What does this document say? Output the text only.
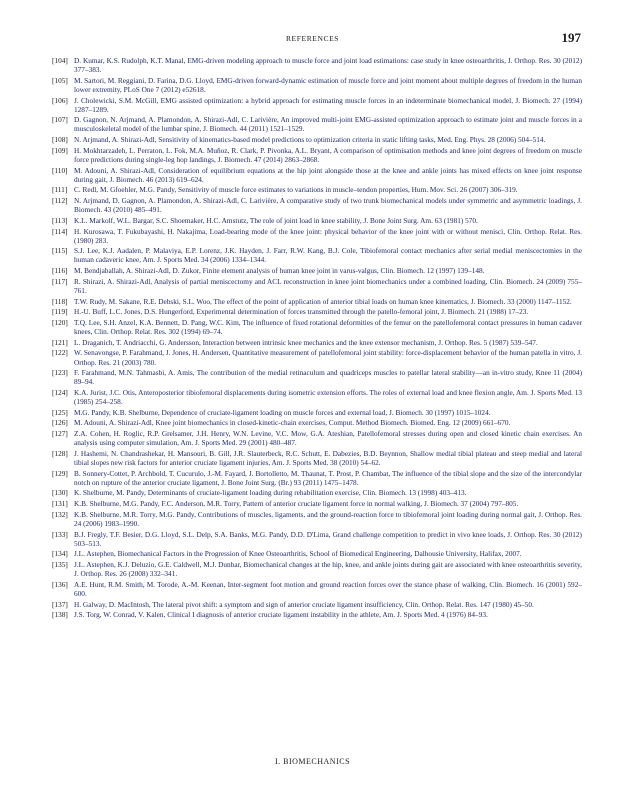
REFERENCES	197
[104] D. Kumar, K.S. Rudolph, K.T. Manal, EMG-driven modeling approach to muscle force and joint load estimations: case study in knee osteoarthritis, J. Orthop. Res. 30 (2012) 377–383.
[105] M. Sartori, M. Reggiani, D. Farina, D.G. Lloyd, EMG-driven forward-dynamic estimation of muscle force and joint moment about multiple degrees of freedom in the human lower extremity, PLoS One 7 (2012) e52618.
[106] J. Cholewicki, S.M. McGill, EMG assisted optimization: a hybrid approach for estimating muscle forces in an indeterminate biomechanical model, J. Biomech. 27 (1994) 1287–1289.
[107] D. Gagnon, N. Arjmand, A. Plamondon, A. Shirazi-Adl, C. Larivière, An improved multi-joint EMG-assisted optimization approach to estimate joint and muscle forces in a musculoskeletal model of the lumbar spine, J. Biomech. 44 (2011) 1521–1529.
[108] N. Arjmand, A. Shirazi-Adl, Sensitivity of kinematics-based model predictions to optimization criteria in static lifting tasks, Med. Eng. Phys. 28 (2006) 504–514.
[109] H. Mokhtarzadeh, L. Perraton, L. Fok, M.A. Muñoz, R. Clark, P. Pivonka, A.L. Bryant, A comparison of optimisation methods and knee joint degrees of freedom on muscle force predictions during single-leg hop landings, J. Biomech. 47 (2014) 2863–2868.
[110] M. Adouni, A. Shirazi-Adl, Consideration of equilibrium equations at the hip joint alongside those at the knee and ankle joints has mixed effects on knee joint response during gait, J. Biomech. 46 (2013) 619–624.
[111] C. Redl, M. Gfoehler, M.G. Pandy, Sensitivity of muscle force estimates to variations in muscle–tendon properties, Hum. Mov. Sci. 26 (2007) 306–319.
[112] N. Arjmand, D. Gagnon, A. Plamondon, A. Shirazi-Adl, C. Larivière, A comparative study of two trunk biomechanical models under symmetric and asymmetric loadings, J. Biomech. 43 (2010) 485–491.
[113] K.L. Markolf, W.L. Bargar, S.C. Shoemaker, H.C. Amstutz, The role of joint load in knee stability, J. Bone Joint Surg. Am. 63 (1981) 570.
[114] H. Kurosawa, T. Fukubayashi, H. Nakajima, Load-bearing mode of the knee joint: physical behavior of the knee joint with or without menisci, Clin. Orthop. Relat. Res. (1980) 283.
[115] S.J. Lee, K.J. Aadalen, P. Malaviya, E.P. Lorenz, J.K. Hayden, J. Farr, R.W. Kang, B.J. Cole, Tibiofemoral contact mechanics after serial medial meniscectomies in the human cadaveric knee, Am. J. Sports Med. 34 (2006) 1334–1344.
[116] M. Bendjaballah, A. Shirazi-Adl, D. Zukor, Finite element analysis of human knee joint in varus-valgus, Clin. Biomech. 12 (1997) 139–148.
[117] R. Shirazi, A. Shirazi-Adl, Analysis of partial meniscectomy and ACL reconstruction in knee joint biomechanics under a combined loading, Clin. Biomech. 24 (2009) 755–761.
[118] T.W. Rudy, M. Sakane, R.E. Debski, S.L. Woo, The effect of the point of application of anterior tibial loads on human knee kinematics, J. Biomech. 33 (2000) 1147–1152.
[119] H.-U. Buff, L.C. Jones, D.S. Hungerford, Experimental determination of forces transmitted through the patello-femoral joint, J. Biomech. 21 (1988) 17–23.
[120] T.Q. Lee, S.H. Anzel, K.A. Bennett, D. Pang, W.C. Kim, The influence of fixed rotational deformities of the femur on the patellofemoral contact pressures in human cadaver knees, Clin. Orthop. Relat. Res. 302 (1994) 69–74.
[121] L. Draganich, T. Andriacchi, G. Andersson, Interaction between intrinsic knee mechanics and the knee extensor mechanism, J. Orthop. Res. 5 (1987) 539–547.
[122] W. Senavongse, P. Farahmand, J. Jones, H. Andersen, Quantitative measurement of patellofemoral joint stability: force-displacement behavior of the human patella in vitro, J. Orthop. Res. 21 (2003) 780.
[123] F. Farahmand, M.N. Tahmasbi, A. Amis, The contribution of the medial retinaculum and quadriceps muscles to patellar lateral stability—an in-vitro study, Knee 11 (2004) 89–94.
[124] K.A. Jurist, J.C. Otis, Anteroposterior tibiofemoral displacements during isometric extension efforts. The roles of external load and knee flexion angle, Am. J. Sports Med. 13 (1985) 254–258.
[125] M.G. Pandy, K.B. Shelburne, Dependence of cruciate-ligament loading on muscle forces and external load, J. Biomech. 30 (1997) 1015–1024.
[126] M. Adouni, A. Shirazi-Adl, Knee joint biomechanics in closed-kinetic-chain exercises, Comput. Method Biomech. Biomed. Eng. 12 (2009) 661–670.
[127] Z.A. Cohen, H. Roglic, R.P. Grelsamer, J.H. Henry, W.N. Levine, V.C. Mow, G.A. Ateshian, Patellofemoral stresses during open and closed kinetic chain exercises. An analysis using computer simulation, Am. J. Sports Med. 29 (2001) 480–487.
[128] J. Hashemi, N. Chandrashekar, H. Mansouri, B. Gill, J.R. Slauterbeck, R.C. Schutt, E. Dabezies, B.D. Beynnon, Shallow medial tibial plateau and steep medial and lateral tibial slopes new risk factors for anterior cruciate ligament injuries, Am. J. Sports Med. 38 (2010) 54–62.
[129] B. Sonnery-Cottet, P. Archbold, T. Cucurulo, J.-M. Fayard, J. Bortolletto, M. Thaunat, T. Prost, P. Chambat, The influence of the tibial slope and the size of the intercondylar notch on rupture of the anterior cruciate ligament, J. Bone Joint Surg. (Br.) 93 (2011) 1475–1478.
[130] K. Shelburne, M. Pandy, Determinants of cruciate-ligament loading during rehabilitation exercise, Clin. Biomech. 13 (1998) 403–413.
[131] K.B. Shelburne, M.G. Pandy, F.C. Anderson, M.R. Torry, Pattern of anterior cruciate ligament force in normal walking, J. Biomech. 37 (2004) 797–805.
[132] K.B. Shelburne, M.R. Torry, M.G. Pandy, Contributions of muscles, ligaments, and the ground-reaction force to tibiofemoral joint loading during normal gait, J. Orthop. Res. 24 (2006) 1983–1990.
[133] B.J. Fregly, T.F. Besier, D.G. Lloyd, S.L. Delp, S.A. Banks, M.G. Pandy, D.D. D'Lima, Grand challenge competition to predict in vivo knee loads, J. Orthop. Res. 30 (2012) 503–513.
[134] J.L. Astephen, Biomechanical Factors in the Progression of Knee Osteoarthritis, School of Biomedical Engineering, Dalhousie University, Halifax, 2007.
[135] J.L. Astephen, K.J. Deluzio, G.E. Caldwell, M.J. Dunbar, Biomechanical changes at the hip, knee, and ankle joints during gait are associated with knee osteoarthritis severity, J. Orthop. Res. 26 (2008) 332–341.
[136] A.E. Hunt, R.M. Smith, M. Torode, A.-M. Keenan, Inter-segment foot motion and ground reaction forces over the stance phase of walking, Clin. Biomech. 16 (2001) 592–600.
[137] H. Galway, D. MacIntosh, The lateral pivot shift: a symptom and sign of anterior cruciate ligament insufficiency, Clin. Orthop. Relat. Res. 147 (1980) 45–50.
[138] J.S. Torg, W. Conrad, V. Kalen, Clinical I diagnosis of anterior cruciate ligament instability in the athlete, Am. J. Sports Med. 4 (1976) 84–93.
I. BIOMECHANICS
